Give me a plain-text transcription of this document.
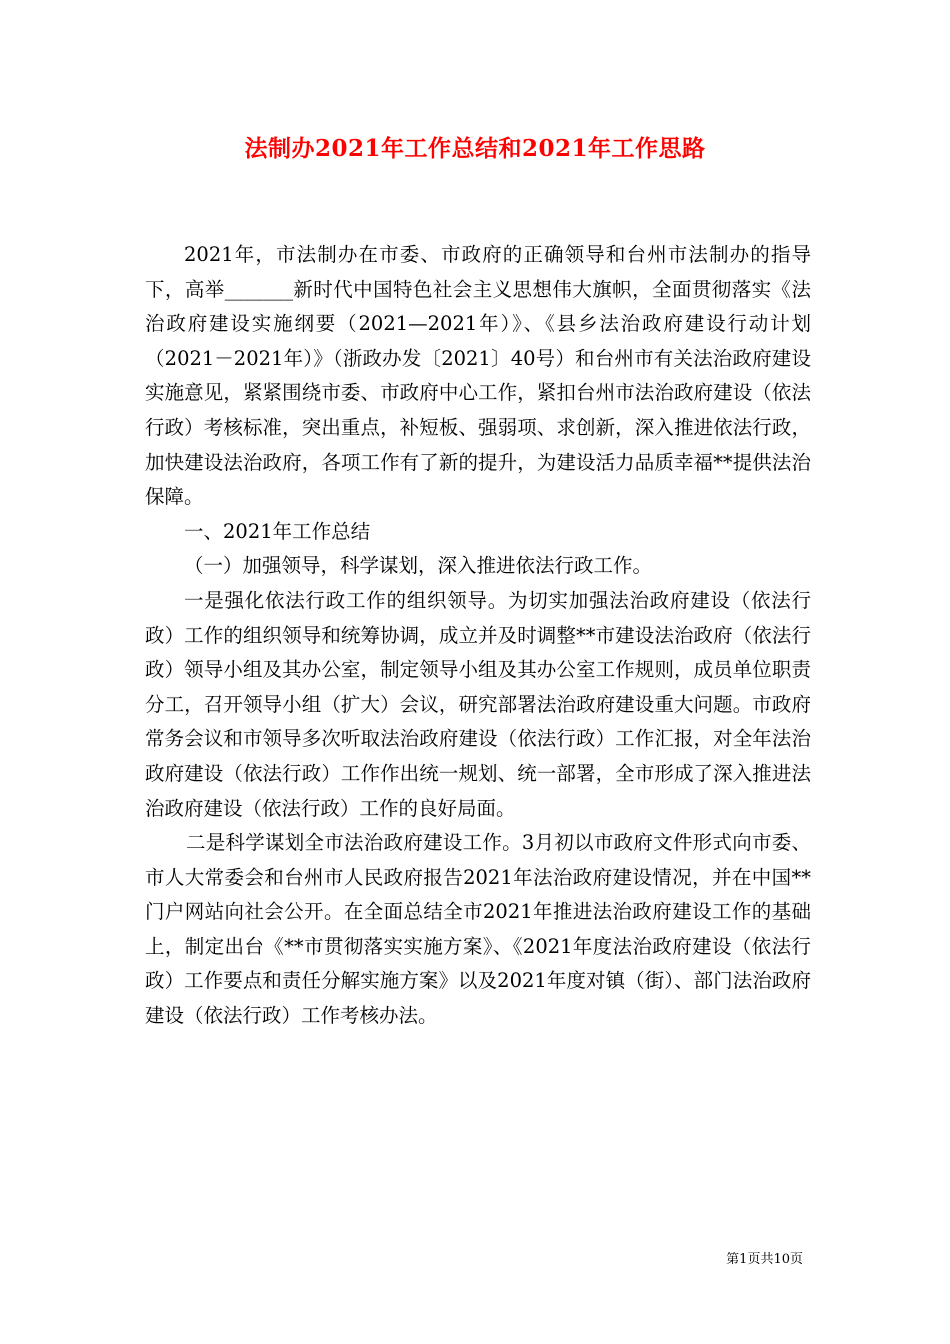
法制办2021年工作总结和2021年工作思路

2021年，市法制办在市委、市政府的正确领导和台州市法制办的指导下，高举_______新时代中国特色社会主义思想伟大旗帜，全面贯彻落实《法治政府建设实施纲要（2021—2021年）》、《县乡法治政府建设行动计划（2021－2021年）》（浙政办发〔2021〕40号）和台州市有关法治政府建设实施意见，紧紧围绕市委、市政府中心工作，紧扣台州市法治政府建设（依法行政）考核标准，突出重点，补短板、强弱项、求创新，深入推进依法行政，加快建设法治政府，各项工作有了新的提升，为建设活力品质幸福**提供法治保障。

一、2021年工作总结

（一）加强领导，科学谋划，深入推进依法行政工作。

一是强化依法行政工作的组织领导。为切实加强法治政府建设（依法行政）工作的组织领导和统筹协调，成立并及时调整**市建设法治政府（依法行政）领导小组及其办公室，制定领导小组及其办公室工作规则，成员单位职责分工，召开领导小组（扩大）会议，研究部署法治政府建设重大问题。市政府常务会议和市领导多次听取法治政府建设（依法行政）工作汇报，对全年法治政府建设（依法行政）工作作出统一规划、统一部署，全市形成了深入推进法治政府建设（依法行政）工作的良好局面。

二是科学谋划全市法治政府建设工作。3月初以市政府文件形式向市委、市人大常委会和台州市人民政府报告2021年法治政府建设情况，并在中国**门户网站向社会公开。在全面总结全市2021年推进法治政府建设工作的基础上，制定出台《**市贯彻落实实施方案》、《2021年度法治政府建设（依法行政）工作要点和责任分解实施方案》以及2021年度对镇（街）、部门法治政府建设（依法行政）工作考核办法。

第1页共10页
